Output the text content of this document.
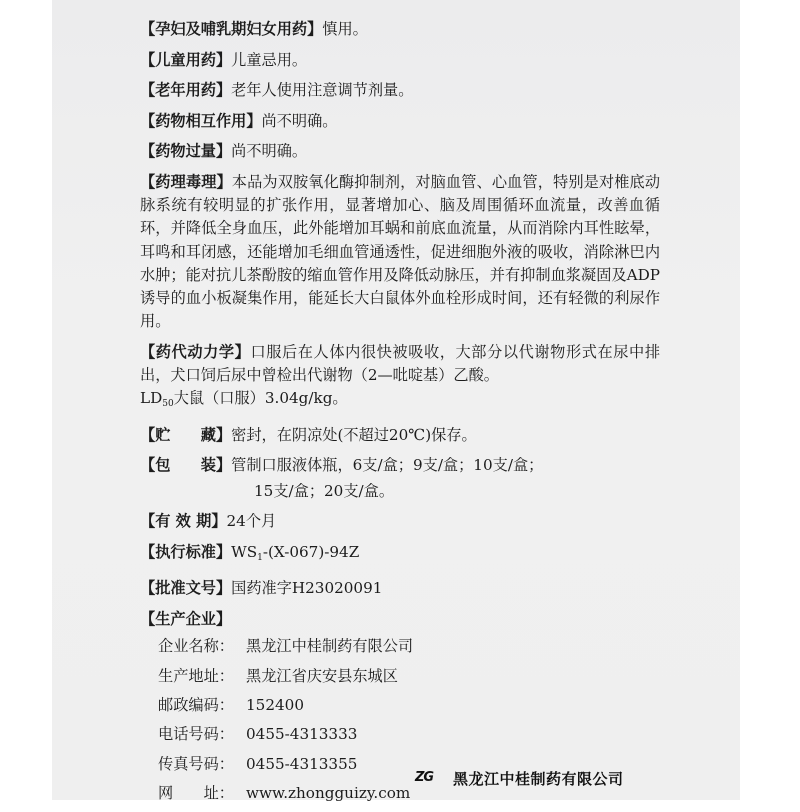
【孕妇及哺乳期妇女用药】慎用。
【儿童用药】儿童忌用。
【老年用药】老年人使用注意调节剂量。
【药物相互作用】尚不明确。
【药物过量】尚不明确。
【药理毒理】本品为双胺氧化酶抑制剂，对脑血管、心血管，特别是对椎底动脉系统有较明显的扩张作用，显著增加心、脑及周围循环血流量，改善血循环，并降低全身血压，此外能增加耳蜗和前底血流量，从而消除内耳性眩晕，耳鸣和耳闭感，还能增加毛细血管通透性，促进细胞外液的吸收，消除淋巴内水肿；能对抗儿茶酚胺的缩血管作用及降低动脉压，并有抑制血浆凝固及ADP诱导的血小板凝集作用，能延长大白鼠体外血栓形成时间，还有轻微的利尿作用。
【药代动力学】口服后在人体内很快被吸收，大部分以代谢物形式在尿中排出，犬口饲后尿中曾检出代谢物（2—吡啶基）乙酸。
$LD_{50}$大鼠（口服）3.04g/kg。
【贮　　藏】密封，在阴凉处(不超过20℃)保存。
【包　　装】管制口服液体瓶，6支/盒；9支/盒；10支/盒；
15支/盒；20支/盒。
【有 效 期】24个月
【执行标准】$WS_1-(X-067)-94Z$
【批准文号】国药准字H23020091
【生产企业】
企业名称： 黑龙江中桂制药有限公司
生产地址： 黑龙江省庆安县东城区
邮政编码： 152400
电话号码： 0455-4313333
传真号码： 0455-4313355
网　　址： www.zhongguizy.com
ZG	黑龙江中桂制药有限公司
